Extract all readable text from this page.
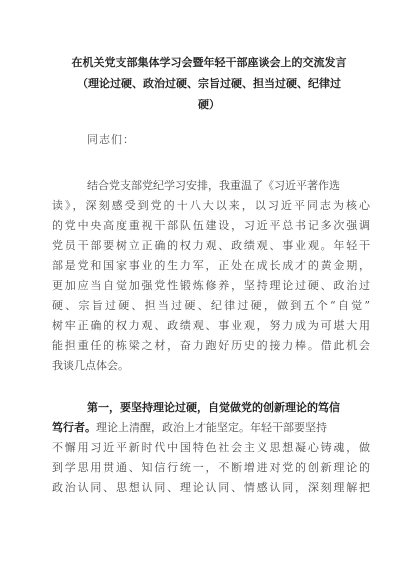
在机关党支部集体学习会暨年轻干部座谈会上的交流发言
（理论过硬、政治过硬、宗旨过硬、担当过硬、纪律过
硬）
同志们：
结合党支部党纪学习安排，我重温了《习近平著作选
读》，深刻感受到党的十八大以来，以习近平同志为核心
的党中央高度重视干部队伍建设，习近平总书记多次强调
党员干部要树立正确的权力观、政绩观、事业观。年轻干
部是党和国家事业的生力军，正处在成长成才的黄金期，
更加应当自觉加强党性锻炼修养，坚持理论过硬、政治过
硬、宗旨过硬、担当过硬、纪律过硬，做到五个“自觉”
树牢正确的权力观、政绩观、事业观，努力成为可堪大用
能担重任的栋梁之材，奋力跑好历史的接力棒。借此机会
我谈几点体会。
第一，要坚持理论过硬，自觉做党的创新理论的笃信
笃行者。理论上清醒，政治上才能坚定。年轻干部要坚持
不懈用习近平新时代中国特色社会主义思想凝心铸魂，做
到学思用贯通、知信行统一，不断增进对党的创新理论的
政治认同、思想认同、理论认同、情感认同，深刻理解把
